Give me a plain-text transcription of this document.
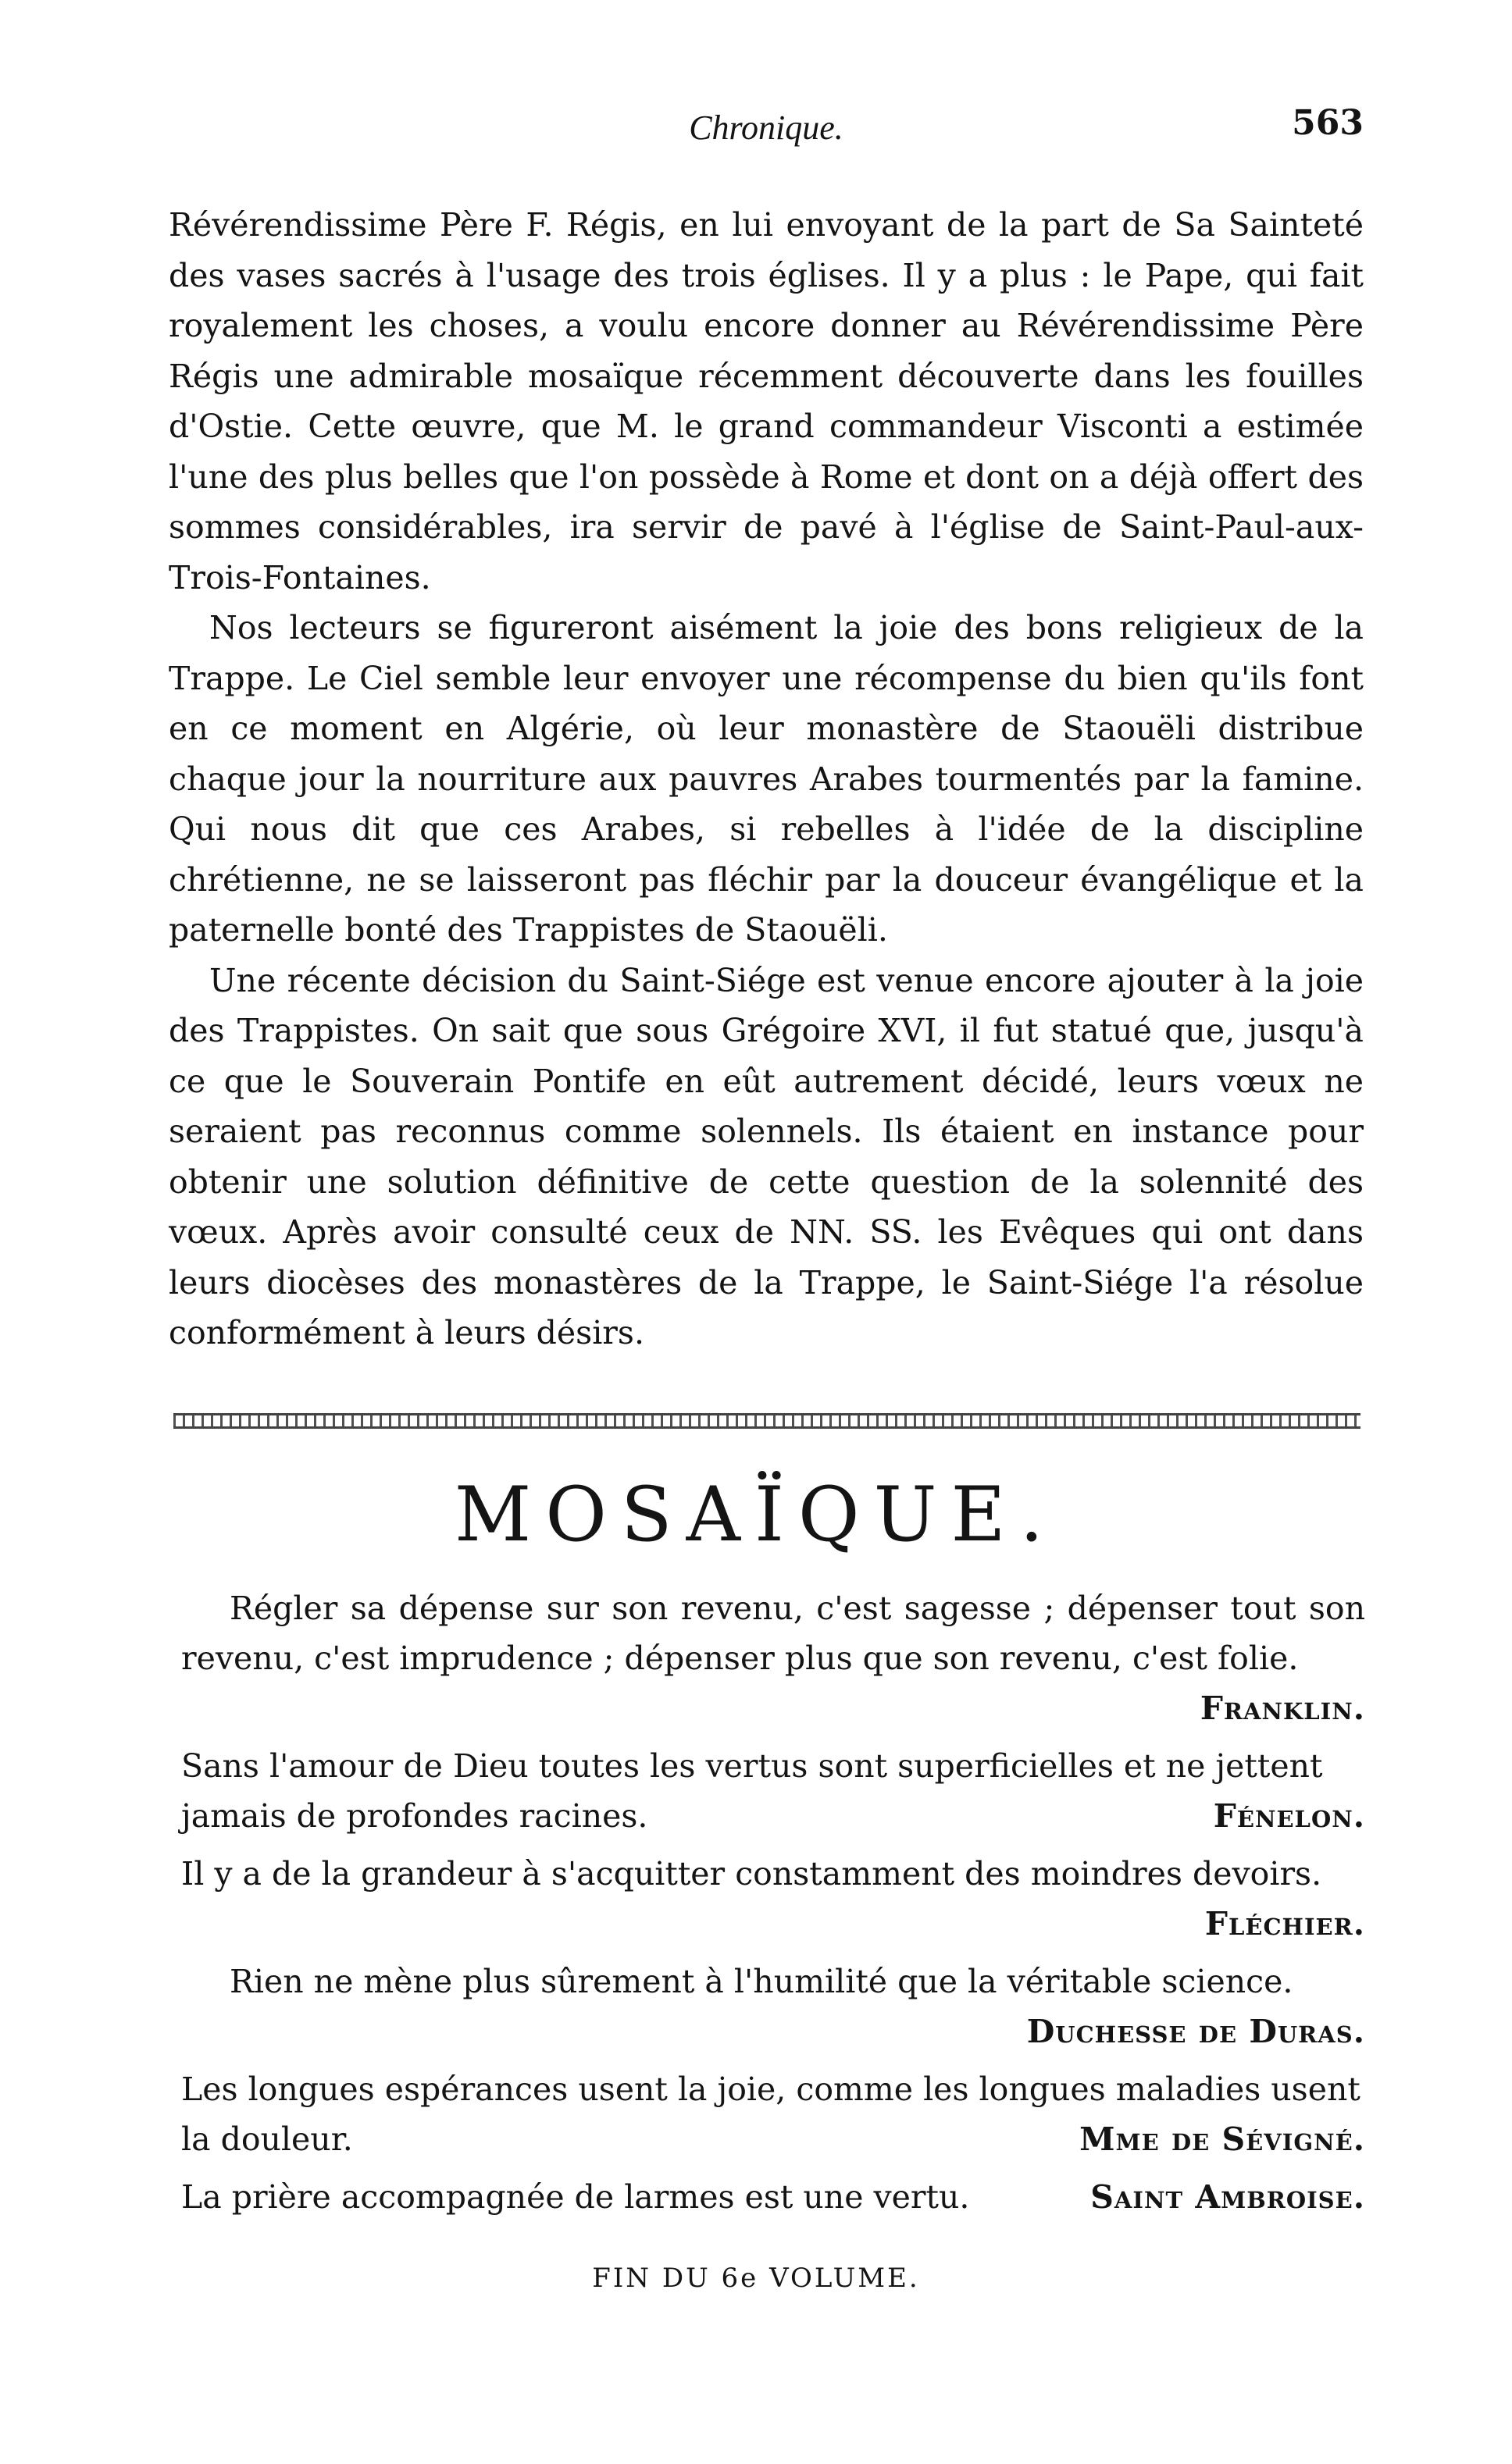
Chronique.	563

Révérendissime Père F. Régis, en lui envoyant de la part de Sa Sainteté des vases sacrés à l'usage des trois églises. Il y a plus : le Pape, qui fait royalement les choses, a voulu encore donner au Révérendissime Père Régis une admirable mosaïque récemment découverte dans les fouilles d'Ostie. Cette œuvre, que M. le grand commandeur Visconti a estimée l'une des plus belles que l'on possède à Rome et dont on a déjà offert des sommes considérables, ira servir de pavé à l'église de Saint-Paul-aux-Trois-Fontaines.

Nos lecteurs se figureront aisément la joie des bons religieux de la Trappe. Le Ciel semble leur envoyer une récompense du bien qu'ils font en ce moment en Algérie, où leur monastère de Staouëli distribue chaque jour la nourriture aux pauvres Arabes tourmentés par la famine. Qui nous dit que ces Arabes, si rebelles à l'idée de la discipline chrétienne, ne se laisseront pas fléchir par la douceur évangélique et la paternelle bonté des Trappistes de Staouëli.

Une récente décision du Saint-Siége est venue encore ajouter à la joie des Trappistes. On sait que sous Grégoire XVI, il fut statué que, jusqu'à ce que le Souverain Pontife en eût autrement décidé, leurs vœux ne seraient pas reconnus comme solennels. Ils étaient en instance pour obtenir une solution définitive de cette question de la solennité des vœux. Après avoir consulté ceux de NN. SS. les Evêques qui ont dans leurs diocèses des monastères de la Trappe, le Saint-Siége l'a résolue conformément à leurs désirs.

MOSAÏQUE.
Régler sa dépense sur son revenu, c'est sagesse ; dépenser tout son revenu, c'est imprudence ; dépenser plus que son revenu, c'est folie.
Franklin.
Sans l'amour de Dieu toutes les vertus sont superficielles et ne jettent jamais de profondes racines.	Fénelon.
Il y a de la grandeur à s'acquitter constamment des moindres devoirs.
Fléchier.
Rien ne mène plus sûrement à l'humilité que la véritable science.
Duchesse de Duras.
Les longues espérances usent la joie, comme les longues maladies usent la douleur.	Mme de Sévigné.
La prière accompagnée de larmes est une vertu.	Saint Ambroise.
FIN DU 6e VOLUME.
